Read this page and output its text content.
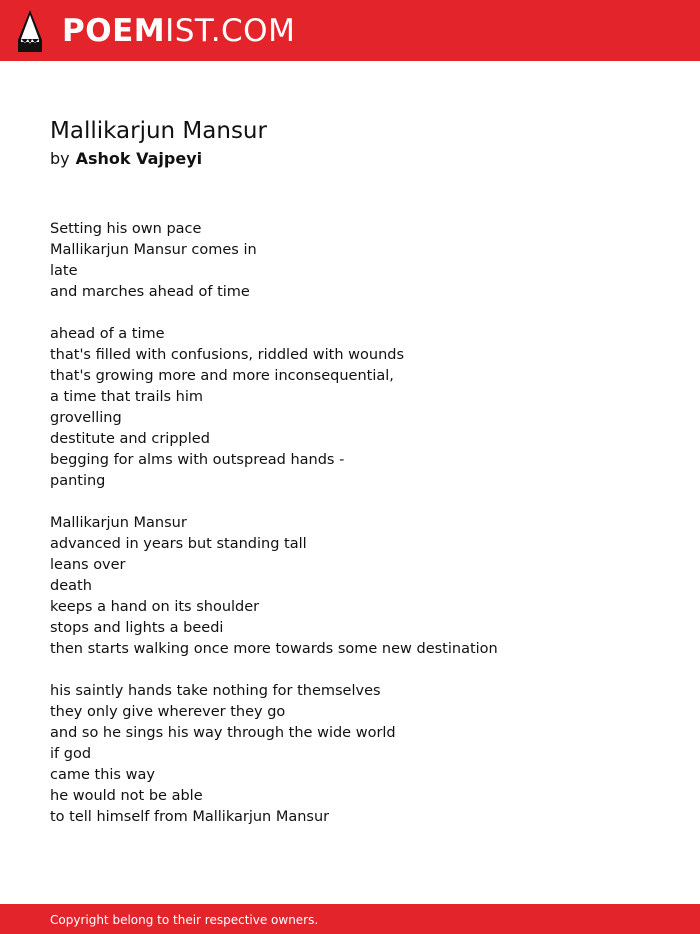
POEMIST.COM
Mallikarjun Mansur
by Ashok Vajpeyi
Setting his own pace
Mallikarjun Mansur comes in
late
and marches ahead of time
ahead of a time
that's filled with confusions, riddled with wounds
that's growing more and more inconsequential,
a time that trails him
grovelling
destitute and crippled
begging for alms with outspread hands -
panting
Mallikarjun Mansur
advanced in years but standing tall
leans over
death
keeps a hand on its shoulder
stops and lights a beedi
then starts walking once more towards some new destination
his saintly hands take nothing for themselves
they only give wherever they go
and so he sings his way through the wide world
if god
came this way
he would not be able
to tell himself from Mallikarjun Mansur
Copyright belong to their respective owners.
